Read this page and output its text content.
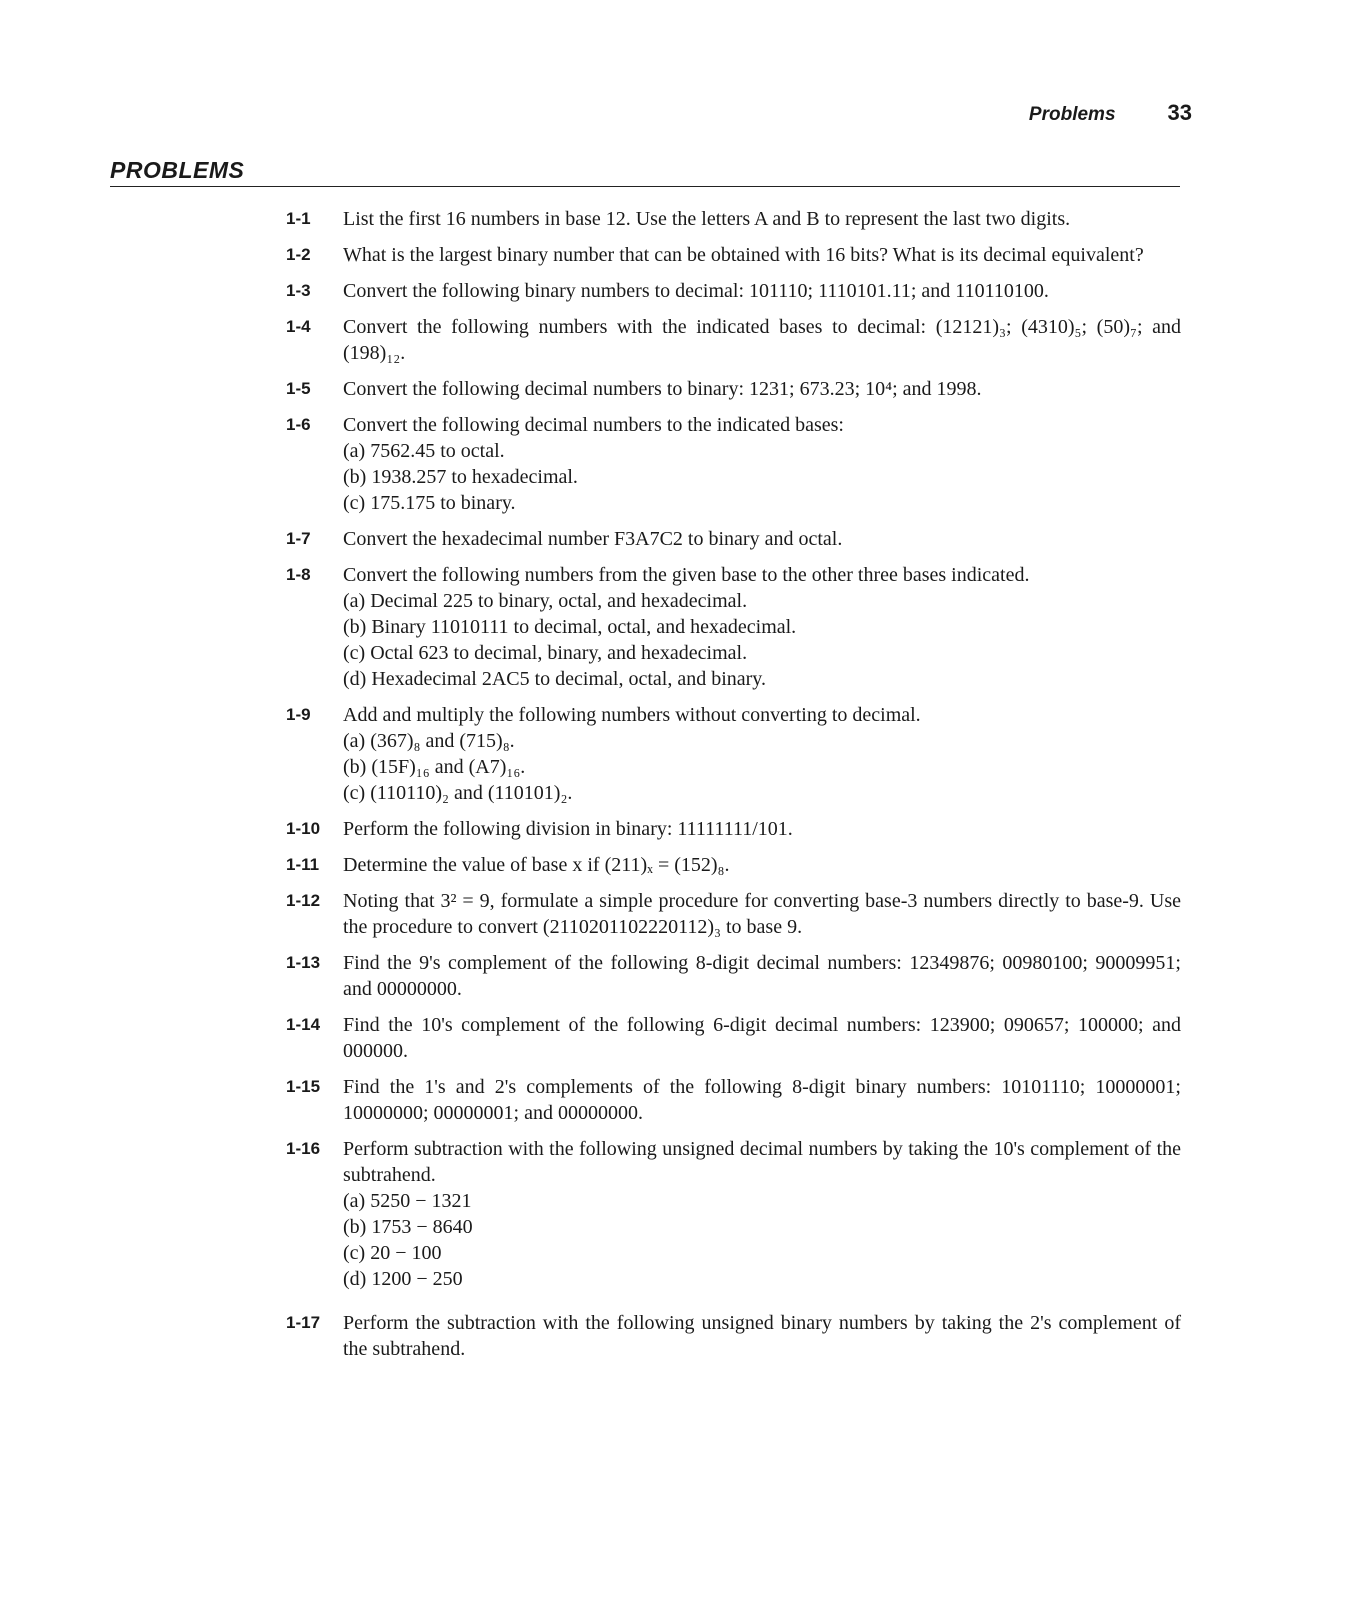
Problems 33
PROBLEMS
1-1	List the first 16 numbers in base 12. Use the letters A and B to represent the last two digits.

1-2	What is the largest binary number that can be obtained with 16 bits? What is its decimal equivalent?

1-3	Convert the following binary numbers to decimal: 101110; 1110101.11; and 110110100.

1-4	Convert the following numbers with the indicated bases to decimal: (12121)₃; (4310)₅; (50)₇; and (198)₁₂.

1-5	Convert the following decimal numbers to binary: 1231; 673.23; 10⁴; and 1998.

1-6	Convert the following decimal numbers to the indicated bases:

(a) 7562.45 to octal.
(b) 1938.257 to hexadecimal.
(c) 175.175 to binary.
1-7	Convert the hexadecimal number F3A7C2 to binary and octal.

1-8	Convert the following numbers from the given base to the other three bases indicated.

(a) Decimal 225 to binary, octal, and hexadecimal.
(b) Binary 11010111 to decimal, octal, and hexadecimal.
(c) Octal 623 to decimal, binary, and hexadecimal.
(d) Hexadecimal 2AC5 to decimal, octal, and binary.
1-9	Add and multiply the following numbers without converting to decimal.

(a) (367)₈ and (715)₈.
(b) (15F)₁₆ and (A7)₁₆.
(c) (110110)₂ and (110101)₂.
1-10	Perform the following division in binary: 11111111/101.

1-11	Determine the value of base x if (211)ₓ = (152)₈.

1-12	Noting that 3² = 9, formulate a simple procedure for converting base-3 numbers directly to base-9. Use the procedure to convert (2110201102220112)₃ to base 9.

1-13	Find the 9's complement of the following 8-digit decimal numbers: 12349876; 00980100; 90009951; and 00000000.

1-14	Find the 10's complement of the following 6-digit decimal numbers: 123900; 090657; 100000; and 000000.

1-15	Find the 1's and 2's complements of the following 8-digit binary numbers: 10101110; 10000001; 10000000; 00000001; and 00000000.

1-16	Perform subtraction with the following unsigned decimal numbers by taking the 10's complement of the subtrahend.

(a) 5250 − 1321
(b) 1753 − 8640
(c) 20 − 100
(d) 1200 − 250
1-17	Perform the subtraction with the following unsigned binary numbers by taking the 2's complement of the subtrahend.
